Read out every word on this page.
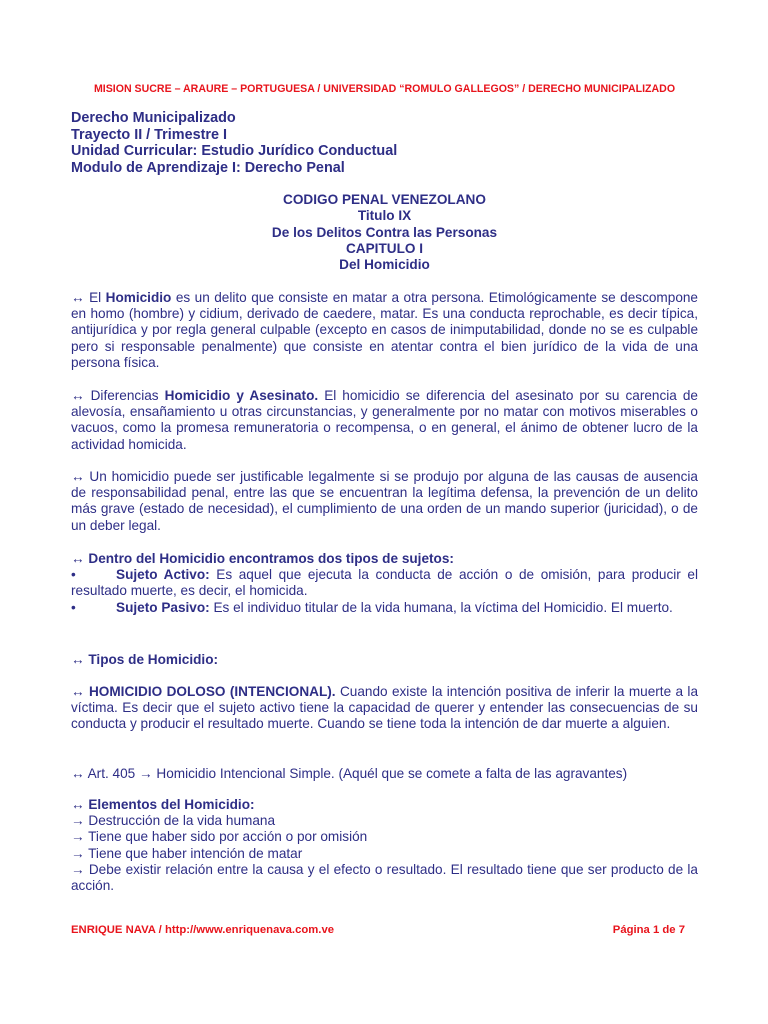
MISION SUCRE – ARAURE – PORTUGUESA / UNIVERSIDAD “ROMULO GALLEGOS” / DERECHO MUNICIPALIZADO
Derecho Municipalizado
Trayecto II / Trimestre I
Unidad Curricular: Estudio Jurídico Conductual
Modulo de Aprendizaje I: Derecho Penal
CODIGO PENAL VENEZOLANO
Titulo IX
De los Delitos Contra las Personas
CAPITULO I
Del Homicidio
↔ El Homicidio es un delito que consiste en matar a otra persona. Etimológicamente se descompone en homo (hombre) y cidium, derivado de caedere, matar. Es una conducta reprochable, es decir típica, antijurídica y por regla general culpable (excepto en casos de inimputabilidad, donde no se es culpable pero si responsable penalmente) que consiste en atentar contra el bien jurídico de la vida de una persona física.
↔ Diferencias Homicidio y Asesinato. El homicidio se diferencia del asesinato por su carencia de alevosía, ensañamiento u otras circunstancias, y generalmente por no matar con motivos miserables o vacuos, como la promesa remuneratoria o recompensa, o en general, el ánimo de obtener lucro de la actividad homicida.
↔ Un homicidio puede ser justificable legalmente si se produjo por alguna de las causas de ausencia de responsabilidad penal, entre las que se encuentran la legítima defensa, la prevención de un delito más grave (estado de necesidad), el cumplimiento de una orden de un mando superior (juricidad), o de un deber legal.
↔ Dentro del Homicidio encontramos dos tipos de sujetos:
•	Sujeto Activo: Es aquel que ejecuta la conducta de acción o de omisión, para producir el resultado muerte, es decir, el homicida.
•	Sujeto Pasivo: Es el individuo titular de la vida humana, la víctima del Homicidio. El muerto.
↔ Tipos de Homicidio:
↔ HOMICIDIO DOLOSO (INTENCIONAL). Cuando existe la intención positiva de inferir la muerte a la víctima. Es decir que el sujeto activo tiene la capacidad de querer y entender las consecuencias de su conducta y producir el resultado muerte. Cuando se tiene toda la intención de dar muerte a alguien.
↔ Art. 405 → Homicidio Intencional Simple. (Aquél que se comete a falta de las agravantes)
↔ Elementos del Homicidio:
→ Destrucción de la vida humana
→ Tiene que haber sido por acción o por omisión
→ Tiene que haber intención de matar
→ Debe existir relación entre la causa y el efecto o resultado. El resultado tiene que ser producto de la acción.
ENRIQUE NAVA / http://www.enriquenava.com.ve	Página 1 de 7
